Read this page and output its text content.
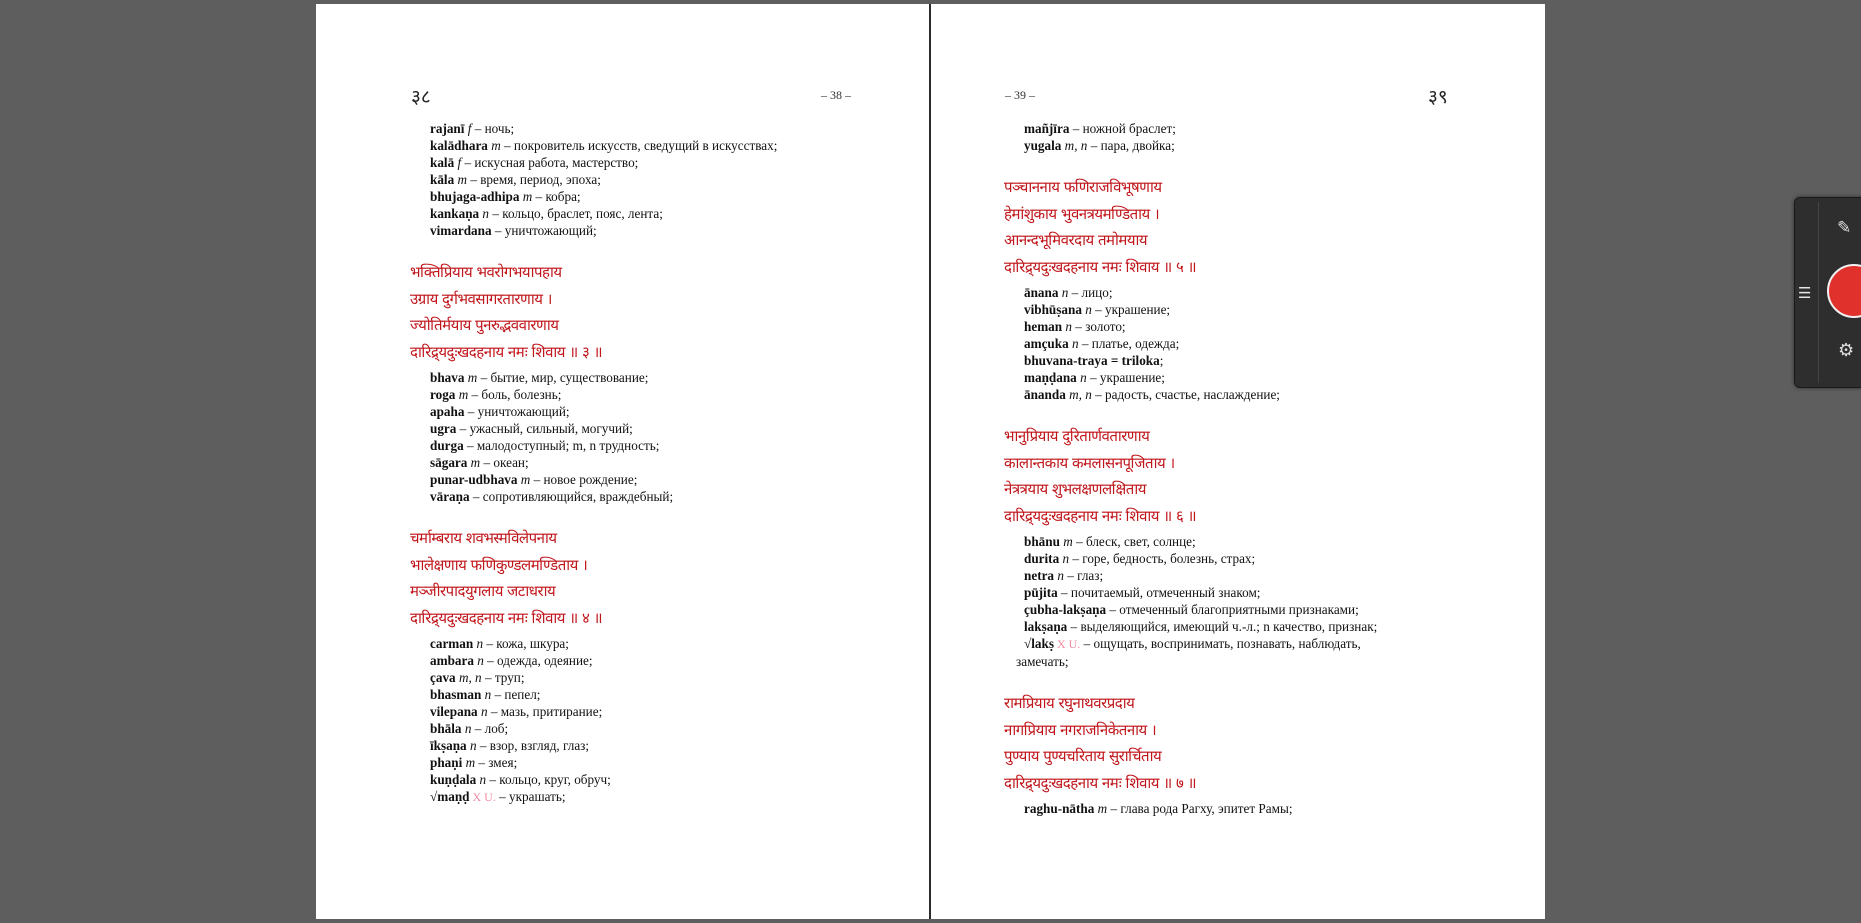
३८	– 38 –
rajanī f – ночь;
kalādhara m – покровитель искусств, сведущий в искусствах;
kalā f – искусная работа, мастерство;
kāla m – время, период, эпоха;
bhujaga-adhipa m – кобра;
kankaṇa n – кольцо, браслет, пояс, лента;
vimardana – уничтожающий;
भक्तिप्रियाय भवरोगभयापहाय
उग्राय दुर्गभवसागरतारणाय ।
ज्योतिर्मयाय पुनरुद्भववारणाय
दारिद्र्यदुःखदहनाय नमः शिवाय ॥ ३ ॥
bhava m – бытие, мир, существование;
roga m – боль, болезнь;
apaha – уничтожающий;
ugra – ужасный, сильный, могучий;
durga – малодоступный; m, n трудность;
sāgara m – океан;
punar-udbhava m – новое рождение;
vāraṇa – сопротивляющийся, враждебный;
चर्माम्बराय शवभस्मविलेपनाय
भालेक्षणाय फणिकुण्डलमण्डिताय ।
मञ्जीरपादयुगलाय जटाधराय
दारिद्र्यदुःखदहनाय नमः शिवाय ॥ ४ ॥
carman n – кожа, шкура;
ambara n – одежда, одеяние;
çava m, n – труп;
bhasman n – пепел;
vilepana n – мазь, притирание;
bhāla n – лоб;
īkṣaṇa n – взор, взгляд, глаз;
phaṇi m – змея;
kuṇḍala n – кольцо, круг, обруч;
√maṇḍ X U. – украшать;
३९
– 39 –
mañjīra – ножной браслет;
yugala m, n – пара, двойка;
पञ्चाननाय फणिराजविभूषणाय
हेमांशुकाय भुवनत्रयमण्डिताय ।
आनन्दभूमिवरदाय तमोमयाय
दारिद्र्यदुःखदहनाय नमः शिवाय ॥ ५ ॥
ānana n – лицо;
vibhūṣana n – украшение;
heman n – золото;
amçuka n – платье, одежда;
bhuvana-traya = triloka;
maṇḍana n – украшение;
ānanda m, n – радость, счастье, наслаждение;
भानुप्रियाय दुरितार्णवतारणाय
कालान्तकाय कमलासनपूजिताय ।
नेत्रत्रयाय शुभलक्षणलक्षिताय
दारिद्र्यदुःखदहनाय नमः शिवाय ॥ ६ ॥
bhānu m – блеск, свет, солнце;
durita n – горе, бедность, болезнь, страх;
netra n – глаз;
pūjita – почитаемый, отмеченный знаком;
çubha-lakṣaṇa – отмеченный благоприятными признаками;
lakṣaṇa – выделяющийся, имеющий ч.-л.; n качество, признак;
√lakṣ X U. – ощущать, воспринимать, познавать, наблюдать,
замечать;
रामप्रियाय रघुनाथवरप्रदाय
नागप्रियाय नगराजनिकेतनाय ।
पुण्याय पुण्यचरिताय सुरार्चिताय
दारिद्र्यदुःखदहनाय नमः शिवाय ॥ ७ ॥
raghu-nātha m – глава рода Рагху, эпитет Рамы;
☰
✎
⚙
